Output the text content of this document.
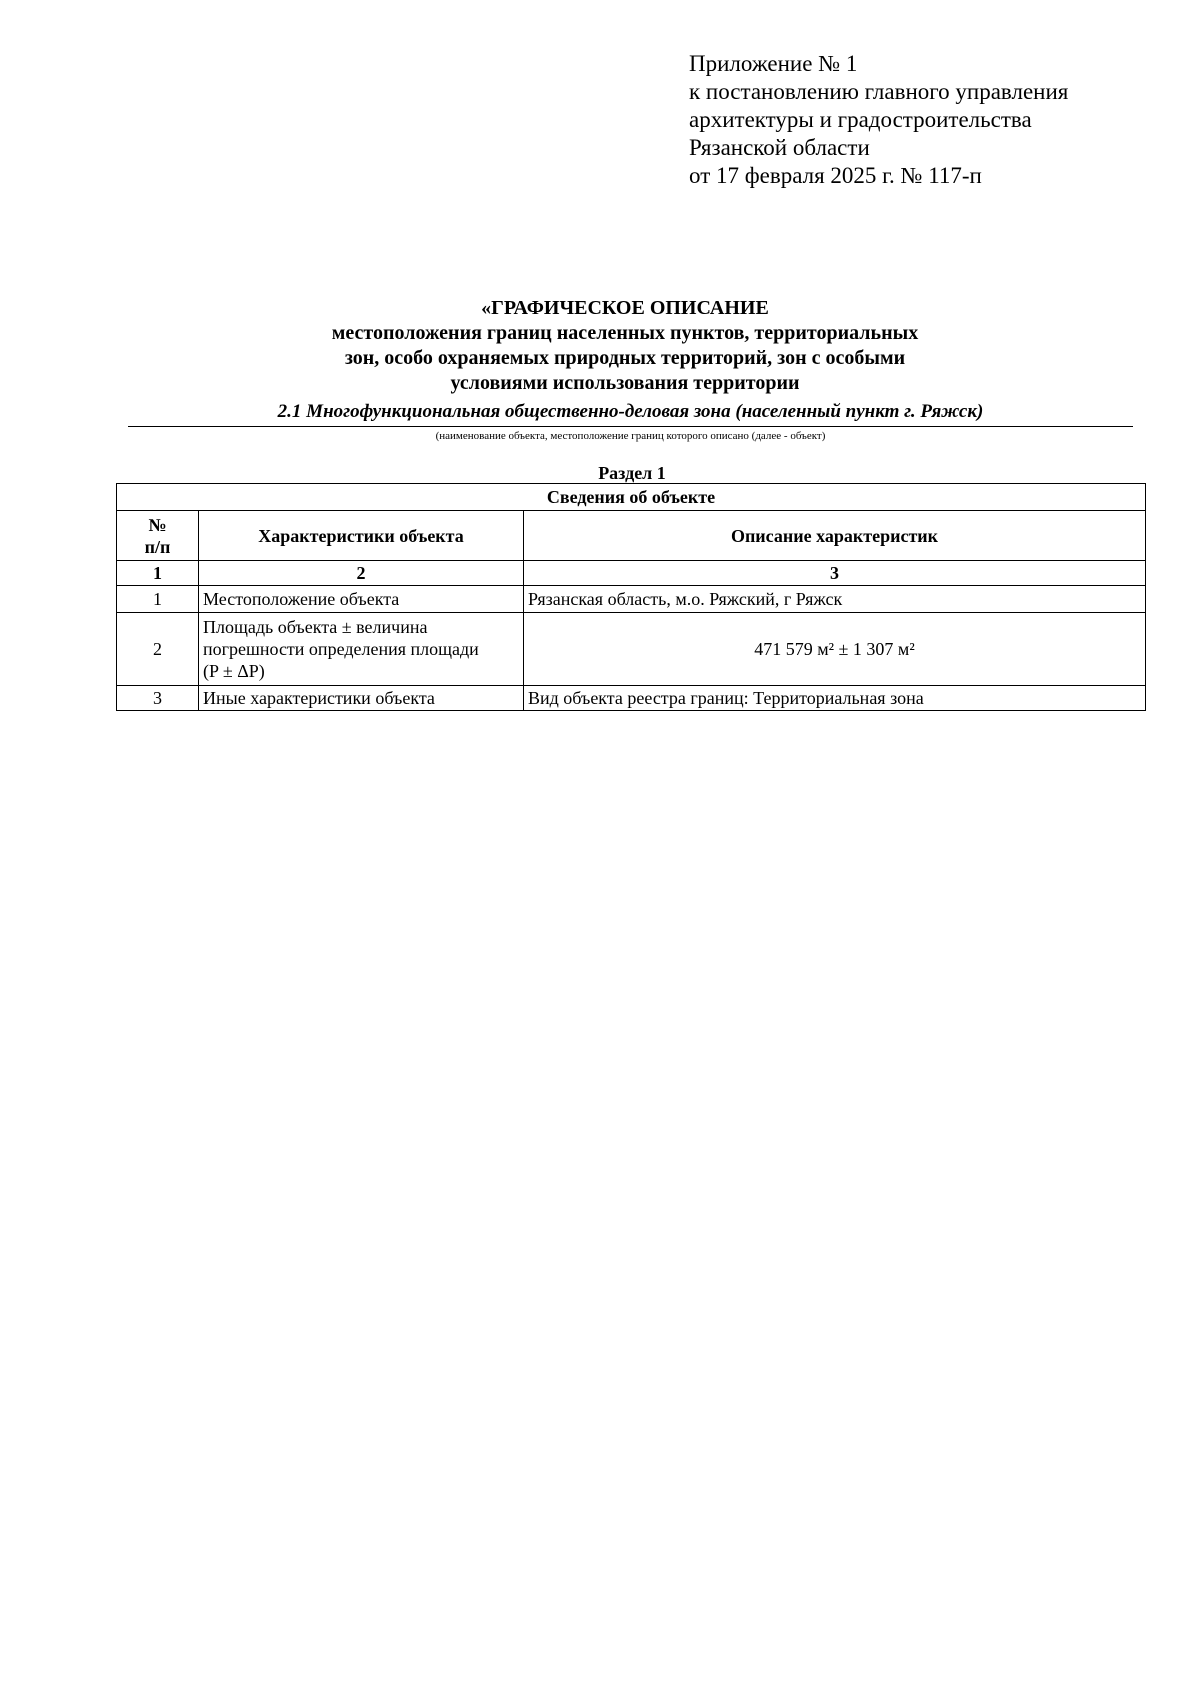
Приложение № 1
к постановлению главного управления
архитектуры и градостроительства
Рязанской области
от 17 февраля 2025 г. № 117-п
«ГРАФИЧЕСКОЕ ОПИСАНИЕ
местоположения границ населенных пунктов, территориальных
зон, особо охраняемых природных территорий, зон с особыми
условиями использования территории
2.1 Многофункциональная общественно-деловая зона (населенный пункт г. Ряжск)
(наименование объекта, местоположение границ которого описано (далее - объект)
Раздел 1
Сведения об объекте		

№
п/п	Характеристики объекта	Описание характеристик
1	2	3
1	Местоположение объекта	Рязанская область, м.о. Ряжский, г Ряжск
2	Площадь объекта ± величина
погрешности определения площади
(P ± ΔP)	471 579 м² ± 1 307 м²
3	Иные характеристики объекта	Вид объекта реестра границ: Территориальная зона
